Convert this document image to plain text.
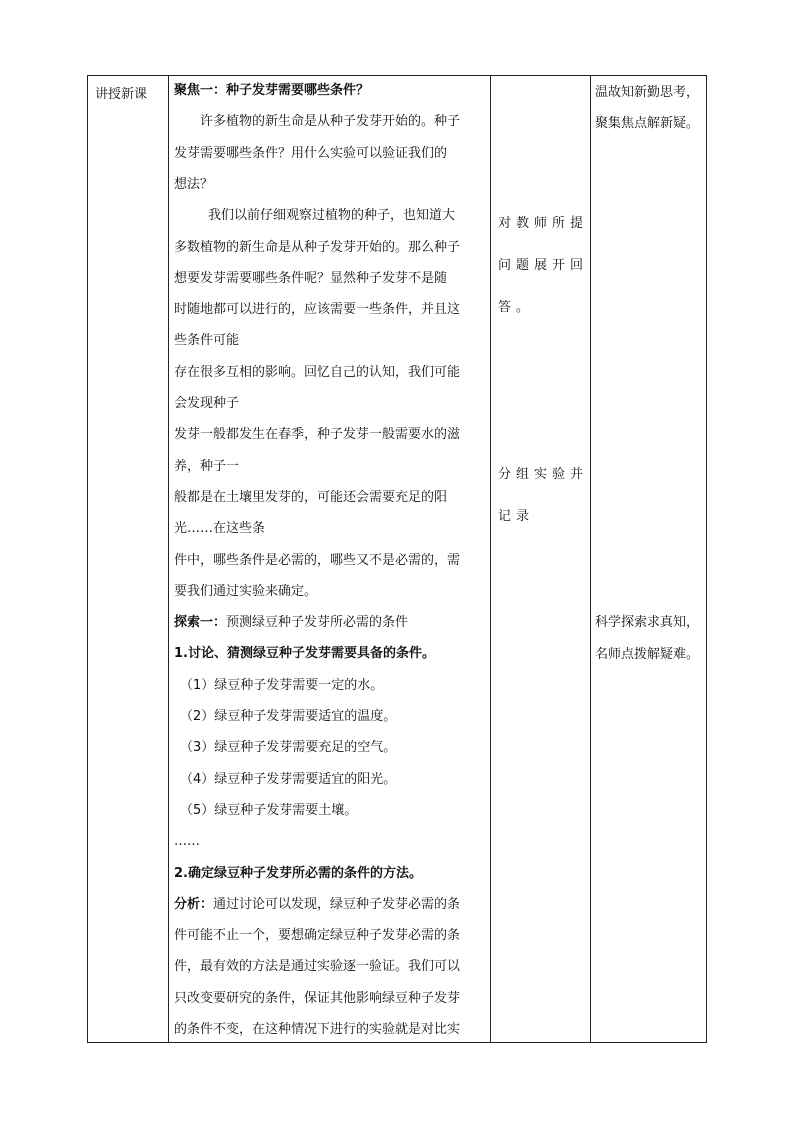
讲授新课 聚焦一：种子发芽需要哪些条件？
许多植物的新生命是从种子发芽开始的。种子
发芽需要哪些条件？用什么实验可以验证我们的
想法？
我们以前仔细观察过植物的种子，也知道大
多数植物的新生命是从种子发芽开始的。那么种子
想要发芽需要哪些条件呢？显然种子发芽不是随
时随地都可以进行的，应该需要一些条件，并且这
些条件可能
存在很多互相的影响。回忆自己的认知，我们可能
会发现种子
发芽一般都发生在春季，种子发芽一般需要水的滋
养，种子一
般都是在土壤里发芽的，可能还会需要充足的阳
光……在这些条
件中，哪些条件是必需的，哪些又不是必需的，需
要我们通过实验来确定。
探索一：预测绿豆种子发芽所必需的条件
1.讨论、猜测绿豆种子发芽需要具备的条件。
（1）绿豆种子发芽需要一定的水。
（2）绿豆种子发芽需要适宜的温度。
（3）绿豆种子发芽需要充足的空气。
（4）绿豆种子发芽需要适宜的阳光。
（5）绿豆种子发芽需要土壤。
……
2.确定绿豆种子发芽所必需的条件的方法。
分析：通过讨论可以发现，绿豆种子发芽必需的条
件可能不止一个，要想确定绿豆种子发芽必需的条
件，最有效的方法是通过实验逐一验证。我们可以
只改变要研究的条件，保证其他影响绿豆种子发芽
的条件不变，在这种情况下进行的实验就是对比实
对教师所提
问题展开回
答。
分组实验并
记录
温故知新勤思考，
聚集焦点解新疑。
科学探索求真知，
名师点拨解疑难。
